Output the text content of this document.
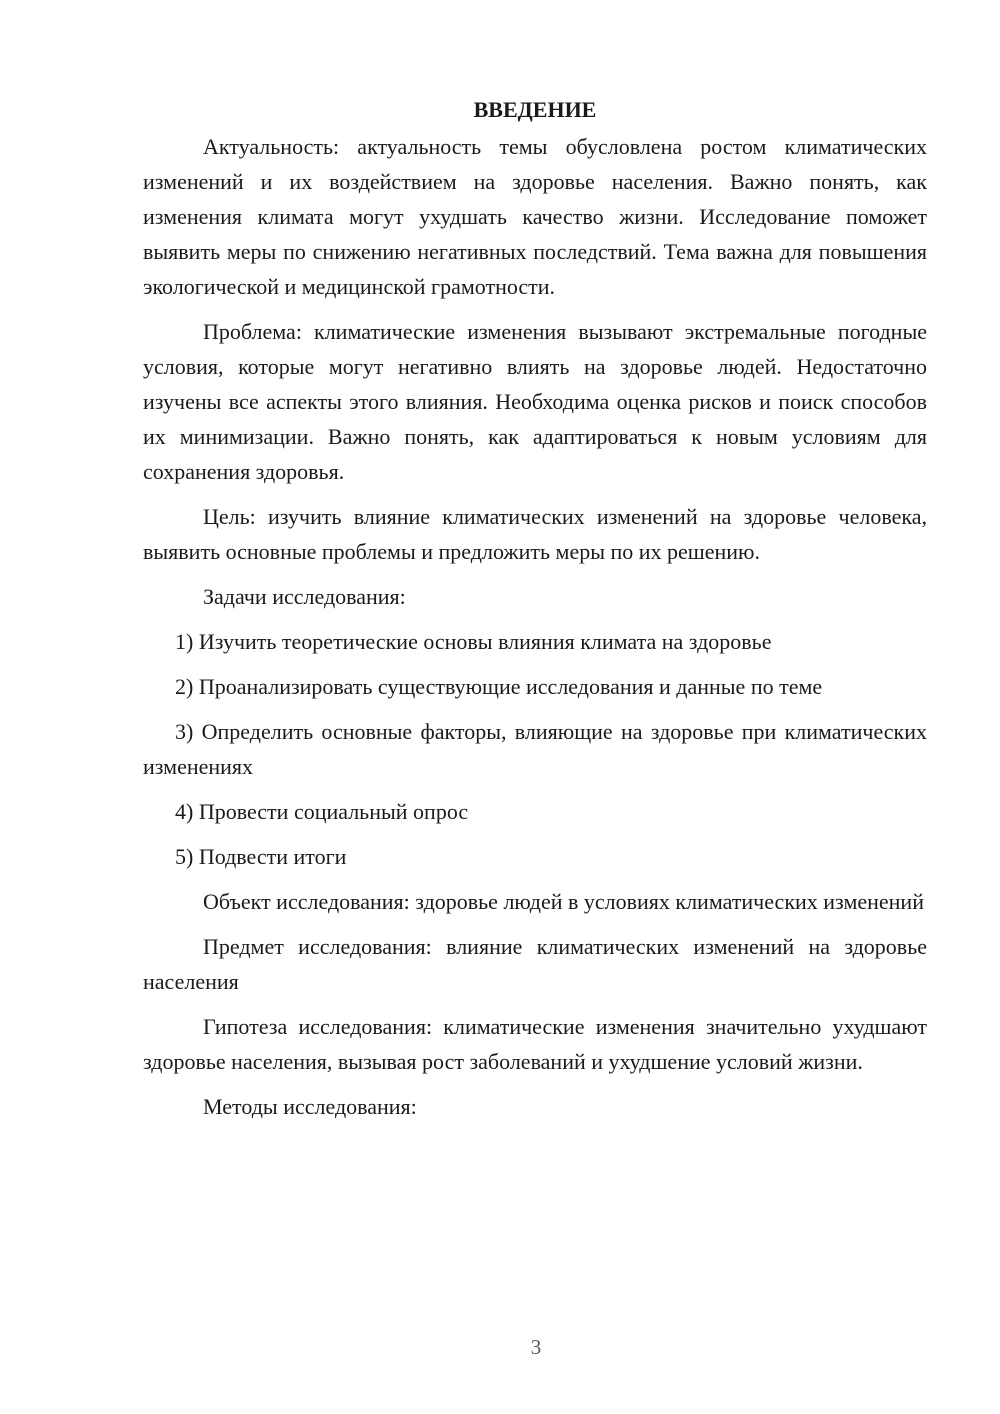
ВВЕДЕНИЕ

Актуальность: актуальность темы обусловлена ростом климатических изменений и их воздействием на здоровье населения. Важно понять, как изменения климата могут ухудшать качество жизни. Исследование поможет выявить меры по снижению негативных последствий. Тема важна для повышения экологической и медицинской грамотности.

Проблема: климатические изменения вызывают экстремальные погодные условия, которые могут негативно влиять на здоровье людей. Недостаточно изучены все аспекты этого влияния. Необходима оценка рисков и поиск способов их минимизации. Важно понять, как адаптироваться к новым условиям для сохранения здоровья.

Цель: изучить влияние климатических изменений на здоровье человека, выявить основные проблемы и предложить меры по их решению.

Задачи исследования:

1) Изучить теоретические основы влияния климата на здоровье

2) Проанализировать существующие исследования и данные по теме

3) Определить основные факторы, влияющие на здоровье при климатических изменениях

4) Провести социальный опрос

5) Подвести итоги

Объект исследования: здоровье людей в условиях климатических изменений

Предмет исследования: влияние климатических изменений на здоровье населения

Гипотеза исследования: климатические изменения значительно ухудшают здоровье населения, вызывая рост заболеваний и ухудшение условий жизни.

Методы исследования:

3
